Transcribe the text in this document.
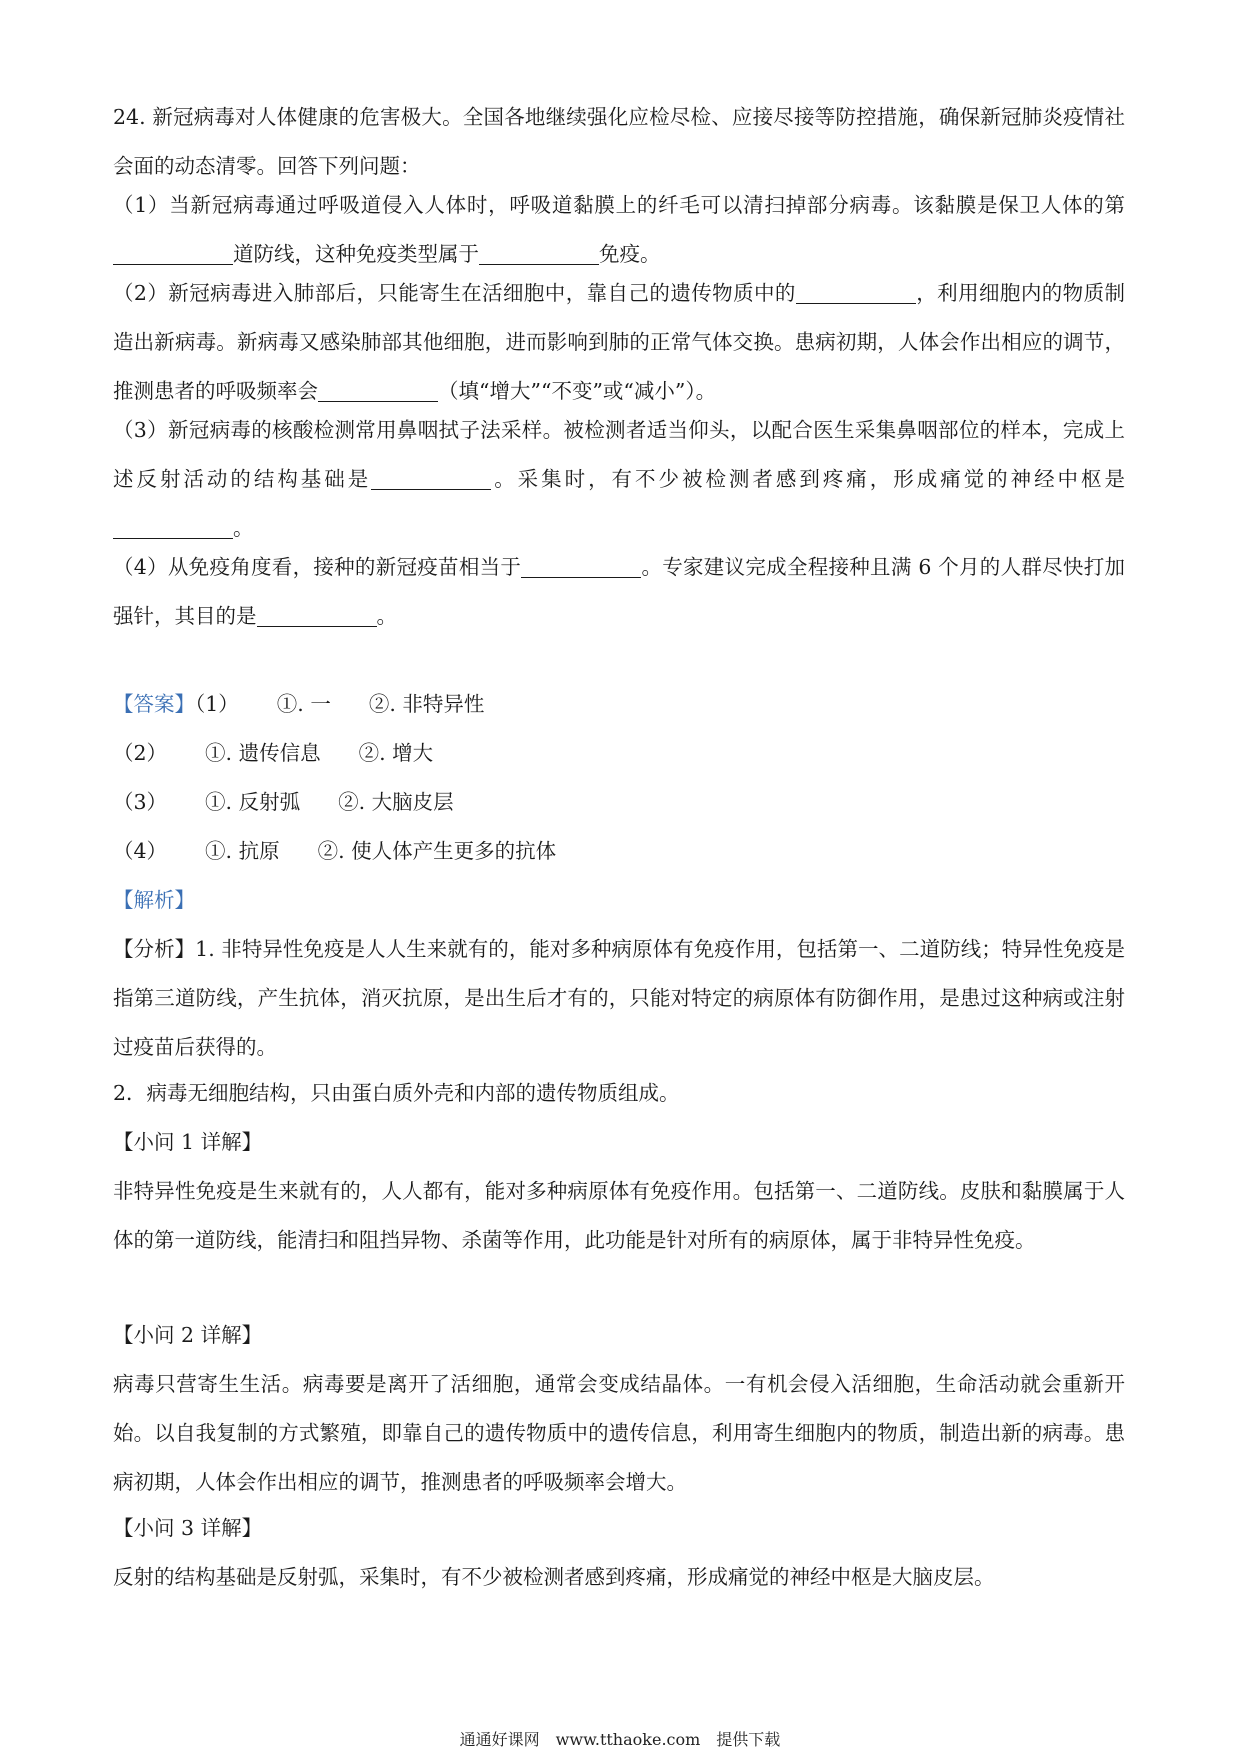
24. 新冠病毒对人体健康的危害极大。全国各地继续强化应检尽检、应接尽接等防控措施，确保新冠肺炎疫情社会面的动态清零。回答下列问题：
（1）当新冠病毒通过呼吸道侵入人体时，呼吸道黏膜上的纤毛可以清扫掉部分病毒。该黏膜是保卫人体的第道防线，这种免疫类型属于	免疫。
（2）新冠病毒进入肺部后，只能寄生在活细胞中，靠自己的遗传物质中的	，利用细胞内的物质制造出新病毒。新病毒又感染肺部其他细胞，进而影响到肺的正常气体交换。患病初期，人体会作出相应的调节，推测患者的呼吸频率会	（填“增大”“不变”或“减小”）。
（3）新冠病毒的核酸检测常用鼻咽拭子法采样。被检测者适当仰头，以配合医生采集鼻咽部位的样本，完成上述反射活动的结构基础是	。采集时，有不少被检测者感到疼痛，形成痛觉的神经中枢是。
（4）从免疫角度看，接种的新冠疫苗相当于	。专家建议完成全程接种且满 6 个月的人群尽快打加强针，其目的是	。
【答案】（1） ①. 一 ②. 非特异性
（2） ①. 遗传信息 ②. 增大
（3） ①. 反射弧 ②. 大脑皮层
（4） ①. 抗原 ②. 使人体产生更多的抗体
【解析】
【分析】1. 非特异性免疫是人人生来就有的，能对多种病原体有免疫作用，包括第一、二道防线；特异性免疫是指第三道防线，产生抗体，消灭抗原，是出生后才有的，只能对特定的病原体有防御作用，是患过这种病或注射过疫苗后获得的。
2．病毒无细胞结构，只由蛋白质外壳和内部的遗传物质组成。
【小问 1 详解】
非特异性免疫是生来就有的，人人都有，能对多种病原体有免疫作用。包括第一、二道防线。皮肤和黏膜属于人体的第一道防线，能清扫和阻挡异物、杀菌等作用，此功能是针对所有的病原体，属于非特异性免疫。
【小问 2 详解】
病毒只营寄生生活。病毒要是离开了活细胞，通常会变成结晶体。一有机会侵入活细胞，生命活动就会重新开始。以自我复制的方式繁殖，即靠自己的遗传物质中的遗传信息，利用寄生细胞内的物质，制造出新的病毒。患病初期，人体会作出相应的调节，推测患者的呼吸频率会增大。
【小问 3 详解】
反射的结构基础是反射弧，采集时，有不少被检测者感到疼痛，形成痛觉的神经中枢是大脑皮层。
通通好课网　www.tthaoke.com　提供下载
